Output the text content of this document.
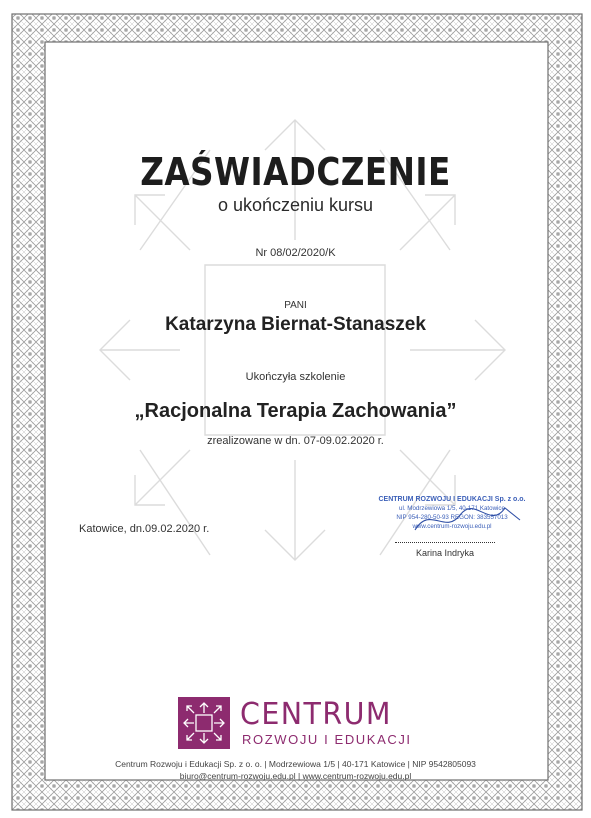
ZAŚWIADCZENIE
o ukończeniu kursu
Nr 08/02/2020/K
PANI
Katarzyna Biernat-Stanaszek
Ukończyła szkolenie
„Racjonalna Terapia Zachowania”
zrealizowane w dn. 07-09.02.2020 r.
Katowice, dn.09.02.2020 r.
CENTRUM ROZWOJU I EDUKACJI Sp. z o.o.
ul. Modrzewiowa 1/5, 40-171 Katowice
NIP 954-280-50-93 REGON: 383557013
www.centrum-rozwoju.edu.pl
Karina Indryka
CENTRUM
ROZWOJU I EDUKACJI
Centrum Rozwoju i Edukacji Sp. z o. o. | Modrzewiowa 1/5 | 40-171 Katowice | NIP 9542805093
biuro@centrum-rozwoju.edu.pl | www.centrum-rozwoju.edu.pl
